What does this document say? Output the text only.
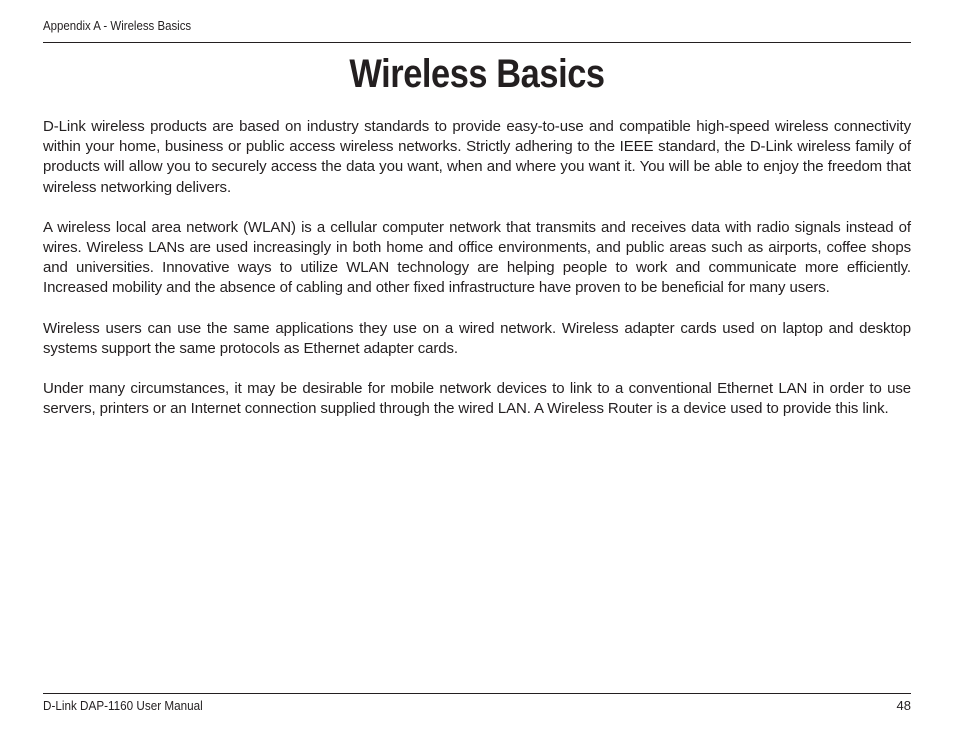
Appendix A - Wireless Basics
Wireless Basics

D-Link wireless products are based on industry standards to provide easy-to-use and compatible high-speed wireless connectivity within your home, business or public access wireless networks. Strictly adhering to the IEEE standard, the D-Link wireless family of products will allow you to securely access the data you want, when and where you want it. You will be able to enjoy the freedom that wireless networking delivers.

A wireless local area network (WLAN) is a cellular computer network that transmits and receives data with radio signals instead of wires. Wireless LANs are used increasingly in both home and office environments, and public areas such as airports, coffee shops and universities. Innovative ways to utilize WLAN technology are helping people to work and communicate more efficiently. Increased mobility and the absence of cabling and other fixed infrastructure have proven to be beneficial for many users.

Wireless users can use the same applications they use on a wired network. Wireless adapter cards used on laptop and desktop systems support the same protocols as Ethernet adapter cards.

Under many circumstances, it may be desirable for mobile network devices to link to a conventional Ethernet LAN in order to use servers, printers or an Internet connection supplied through the wired LAN. A Wireless Router is a device used to provide this link.

D-Link DAP-1160 User Manual	48
